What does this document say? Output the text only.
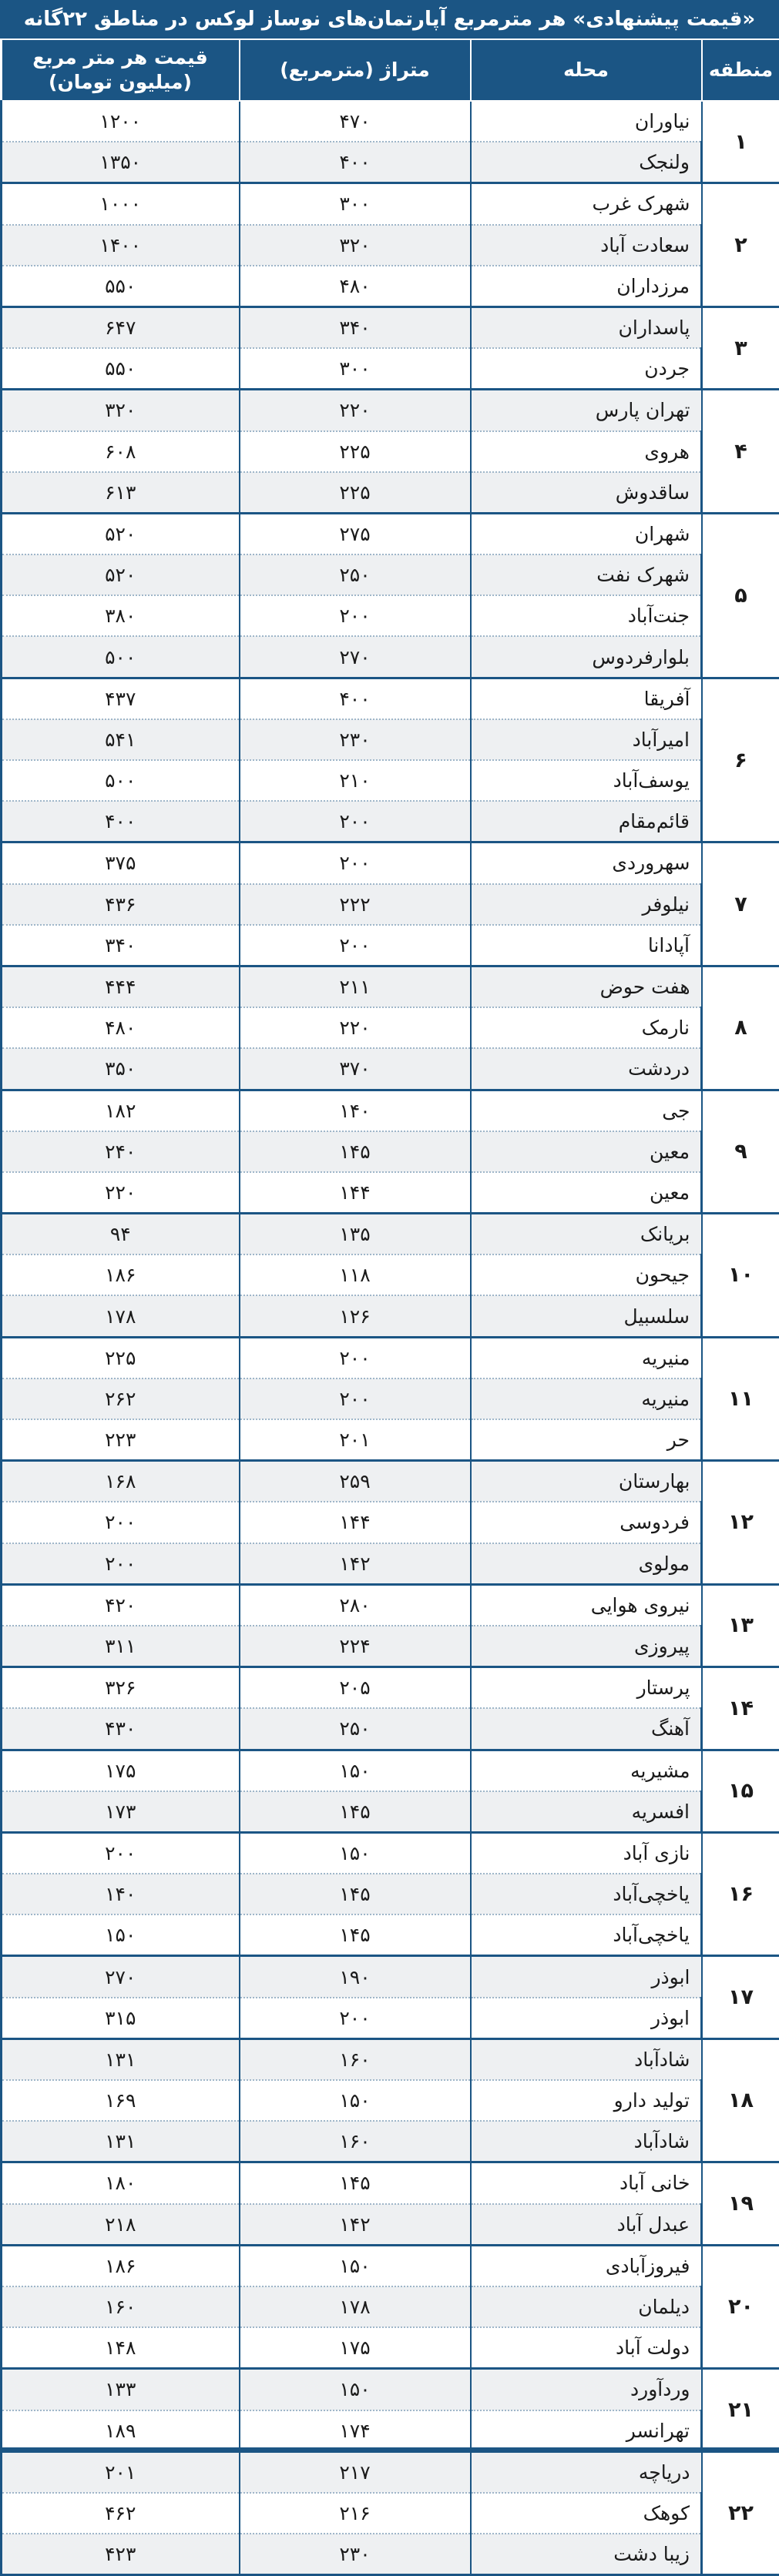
«قیمت پیشنهادی» هر مترمربع آپارتمان‌های نوساز لوکس در مناطق ۲۲گانه
منطقه	محله	متراژ (مترمربع)	قیمت هر متر مربع
(میلیون تومان)
۱	نیاوران	۴۷۰	۱۲۰۰
	ولنجک	۴۰۰	۱۳۵۰
۲	شهرک غرب	۳۰۰	۱۰۰۰
	سعادت آباد	۳۲۰	۱۴۰۰
	مرزداران	۴۸۰	۵۵۰
۳	پاسداران	۳۴۰	۶۴۷
	جردن	۳۰۰	۵۵۰
۴	تهران پارس	۲۲۰	۳۲۰
	هروی	۲۲۵	۶۰۸
	ساقدوش	۲۲۵	۶۱۳
۵	شهران	۲۷۵	۵۲۰
	شهرک نفت	۲۵۰	۵۲۰
	جنت‌آباد	۲۰۰	۳۸۰
	بلوارفردوس	۲۷۰	۵۰۰
۶	آفریقا	۴۰۰	۴۳۷
	امیرآباد	۲۳۰	۵۴۱
	یوسف‌آباد	۲۱۰	۵۰۰
	قائم‌مقام	۲۰۰	۴۰۰
۷	سهروردی	۲۰۰	۳۷۵
	نیلوفر	۲۲۲	۴۳۶
	آپادانا	۲۰۰	۳۴۰
۸	هفت حوض	۲۱۱	۴۴۴
	نارمک	۲۲۰	۴۸۰
	دردشت	۳۷۰	۳۵۰
۹	جی	۱۴۰	۱۸۲
	معین	۱۴۵	۲۴۰
	معین	۱۴۴	۲۲۰
۱۰	بریانک	۱۳۵	۹۴
	جیحون	۱۱۸	۱۸۶
	سلسبیل	۱۲۶	۱۷۸
۱۱	منیریه	۲۰۰	۲۲۵
	منیریه	۲۰۰	۲۶۲
	حر	۲۰۱	۲۲۳
۱۲	بهارستان	۲۵۹	۱۶۸
	فردوسی	۱۴۴	۲۰۰
	مولوی	۱۴۲	۲۰۰
۱۳	نیروی هوایی	۲۸۰	۴۲۰
	پیروزی	۲۲۴	۳۱۱
۱۴	پرستار	۲۰۵	۳۲۶
	آهنگ	۲۵۰	۴۳۰
۱۵	مشیریه	۱۵۰	۱۷۵
	افسریه	۱۴۵	۱۷۳
۱۶	نازی آباد	۱۵۰	۲۰۰
	یاخچی‌آباد	۱۴۵	۱۴۰
	یاخچی‌آباد	۱۴۵	۱۵۰
۱۷	ابوذر	۱۹۰	۲۷۰
	ابوذر	۲۰۰	۳۱۵
۱۸	شادآباد	۱۶۰	۱۳۱
	تولید دارو	۱۵۰	۱۶۹
	شادآباد	۱۶۰	۱۳۱
۱۹	خانی آباد	۱۴۵	۱۸۰
	عبدل آباد	۱۴۲	۲۱۸
۲۰	فیروزآبادی	۱۵۰	۱۸۶
	دیلمان	۱۷۸	۱۶۰
	دولت آباد	۱۷۵	۱۴۸
۲۱	وردآورد	۱۵۰	۱۳۳
	تهرانسر	۱۷۴	۱۸۹
۲۲	دریاچه	۲۱۷	۲۰۱
	کوهک	۲۱۶	۴۶۲
	زیبا دشت	۲۳۰	۴۲۳
